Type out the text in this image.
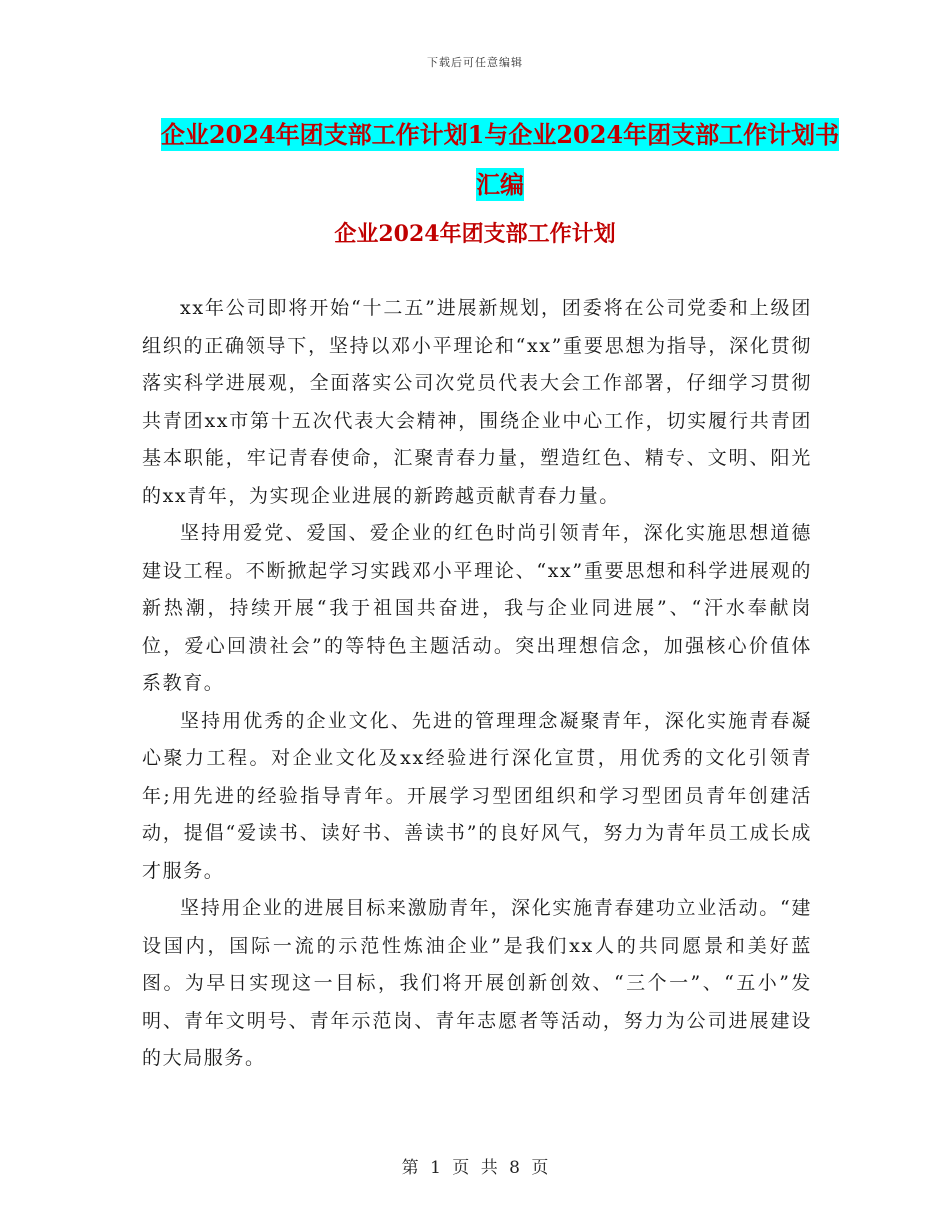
下载后可任意编辑
企业2024年团支部工作计划1与企业2024年团支部工作计划书汇编
企业2024年团支部工作计划

xx年公司即将开始“十二五”进展新规划，团委将在公司党委和上级团组织的正确领导下，坚持以邓小平理论和“xx”重要思想为指导，深化贯彻落实科学进展观，全面落实公司次党员代表大会工作部署，仔细学习贯彻共青团xx市第十五次代表大会精神，围绕企业中心工作，切实履行共青团基本职能，牢记青春使命，汇聚青春力量，塑造红色、精专、文明、阳光的xx青年，为实现企业进展的新跨越贡献青春力量。

坚持用爱党、爱国、爱企业的红色时尚引领青年，深化实施思想道德建设工程。不断掀起学习实践邓小平理论、“xx”重要思想和科学进展观的新热潮，持续开展“我于祖国共奋进，我与企业同进展”、“汗水奉献岗位，爱心回溃社会”的等特色主题活动。突出理想信念，加强核心价值体系教育。

坚持用优秀的企业文化、先进的管理理念凝聚青年，深化实施青春凝心聚力工程。对企业文化及xx经验进行深化宣贯，用优秀的文化引领青年;用先进的经验指导青年。开展学习型团组织和学习型团员青年创建活动，提倡“爱读书、读好书、善读书”的良好风气，努力为青年员工成长成才服务。

坚持用企业的进展目标来激励青年，深化实施青春建功立业活动。“建设国内，国际一流的示范性炼油企业”是我们xx人的共同愿景和美好蓝图。为早日实现这一目标，我们将开展创新创效、“三个一”、“五小”发明、青年文明号、青年示范岗、青年志愿者等活动，努力为公司进展建设的大局服务。

第 1 页 共 8 页
